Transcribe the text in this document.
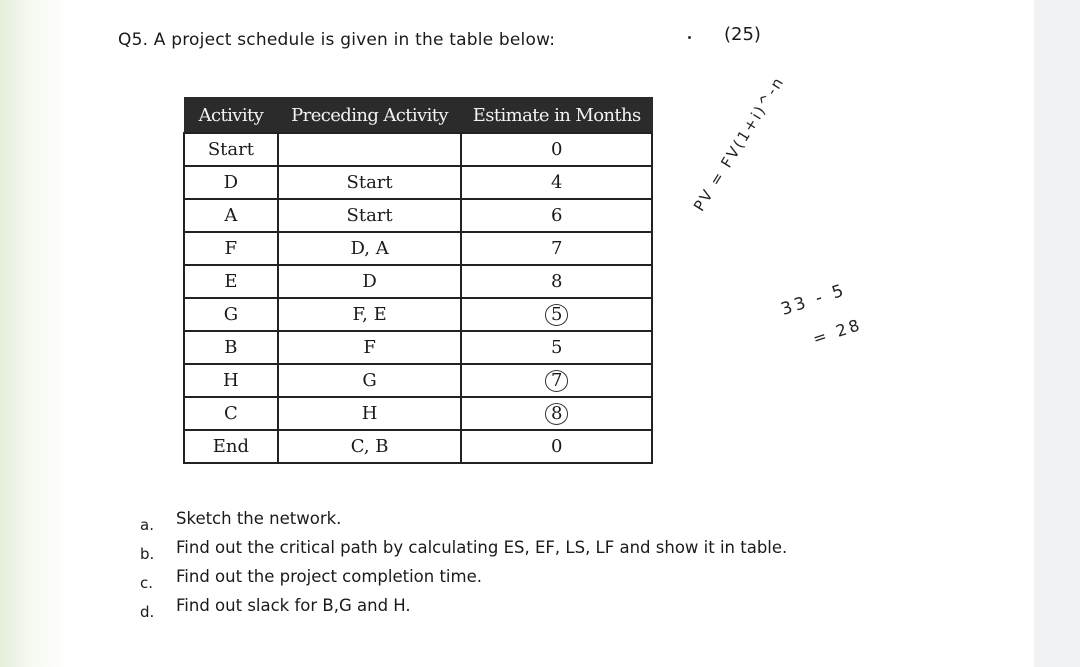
Q5. A project schedule is given in the table below:	(25)
Activity	Preceding Activity	Estimate in Months
Start		0
D	Start	4
A	Start	6
F	D, A	7
E	D	8
G	F, E	5
B	F	5
H	G	7
C	H	8
End	C, B	0
PV = FV(1+i)^-n
33 - 5
= 28
a. Sketch the network.
b. Find out the critical path by calculating ES, EF, LS, LF and show it in table.
c. Find out the project completion time.
d. Find out slack for B,G and H.
